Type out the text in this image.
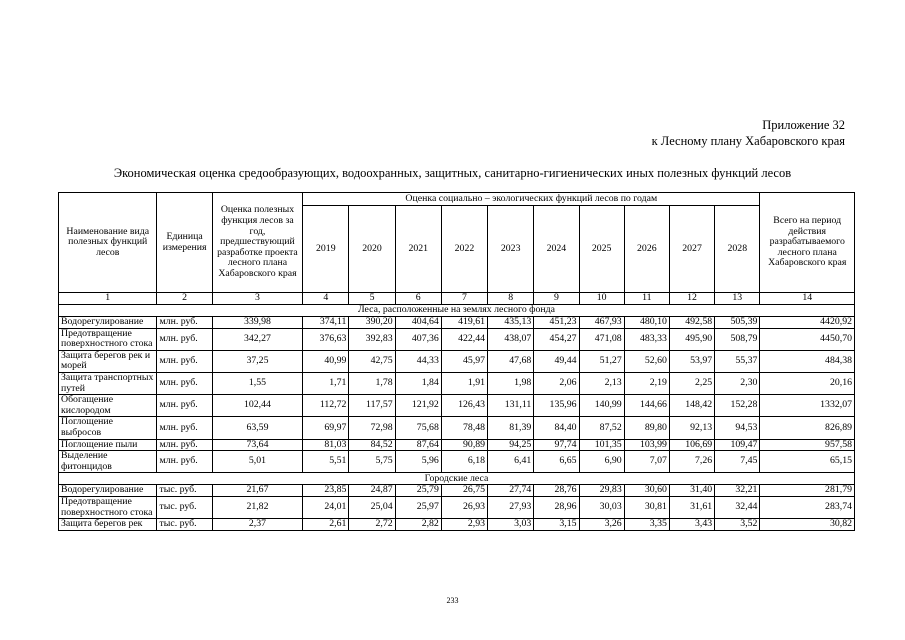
Приложение 32
к Лесному плану Хабаровского края
Экономическая оценка средообразующих, водоохранных, защитных, санитарно-гигиенических иных полезных функций лесов
Наименование вида полезных функций лесов	Единица измерения	Оценка полезных функция лесов за год, предшествующий разработке проекта лесного плана Хабаровского края	Оценка социально – экологических функций лесов по годам										Всего на период действия разрабатываемого лесного плана Хабаровского края
			2019	2020	2021	2022	2023	2024	2025	2026	2027	2028	
1	2	3	4	5	6	7	8	9	10	11	12	13	14
Леса, расположенные на землях лесного фонда													
Водорегулирование	млн. руб.	339,98	374,11	390,20	404,64	419,61	435,13	451,23	467,93	480,10	492,58	505,39	4420,92
Предотвращение поверхностного стока	млн. руб.	342,27	376,63	392,83	407,36	422,44	438,07	454,27	471,08	483,33	495,90	508,79	4450,70
Защита берегов рек и морей	млн. руб.	37,25	40,99	42,75	44,33	45,97	47,68	49,44	51,27	52,60	53,97	55,37	484,38
Защита транспортных путей	млн. руб.	1,55	1,71	1,78	1,84	1,91	1,98	2,06	2,13	2,19	2,25	2,30	20,16
Обогащение кислородом	млн. руб.	102,44	112,72	117,57	121,92	126,43	131,11	135,96	140,99	144,66	148,42	152,28	1332,07
Поглощение выбросов	млн. руб.	63,59	69,97	72,98	75,68	78,48	81,39	84,40	87,52	89,80	92,13	94,53	826,89
Поглощение пыли	млн. руб.	73,64	81,03	84,52	87,64	90,89	94,25	97,74	101,35	103,99	106,69	109,47	957,58
Выделение фитонцидов	млн. руб.	5,01	5,51	5,75	5,96	6,18	6,41	6,65	6,90	7,07	7,26	7,45	65,15
Городские леса													
Водорегулирование	тыс. руб.	21,67	23,85	24,87	25,79	26,75	27,74	28,76	29,83	30,60	31,40	32,21	281,79
Предотвращение поверхностного стока	тыс. руб.	21,82	24,01	25,04	25,97	26,93	27,93	28,96	30,03	30,81	31,61	32,44	283,74
Защита берегов рек	тыс. руб.	2,37	2,61	2,72	2,82	2,93	3,03	3,15	3,26	3,35	3,43	3,52	30,82
233
